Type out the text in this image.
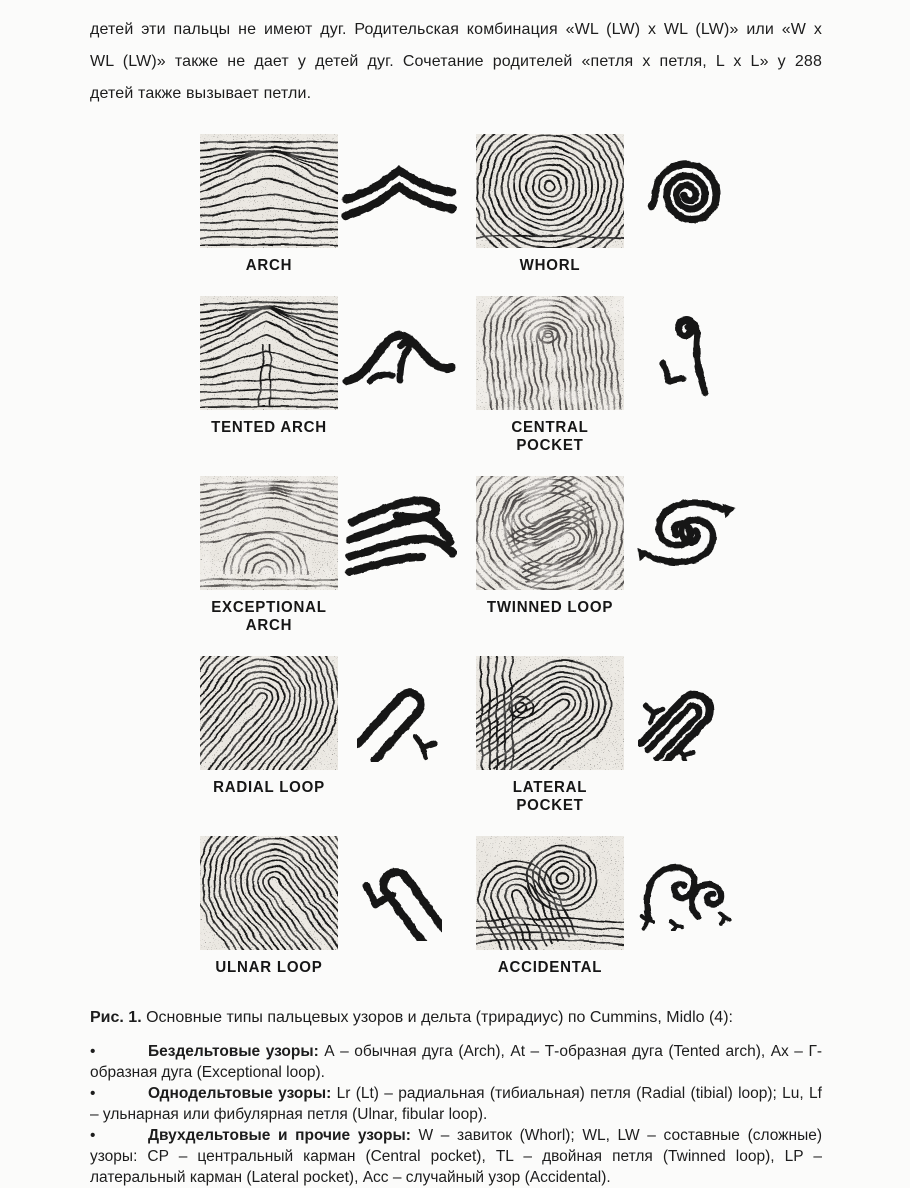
детей эти пальцы не имеют дуг. Родительская комбинация «WL (LW) x WL (LW)» или «W x
WL (LW)» также не дает у детей дуг. Сочетание родителей «петля x петля, L x L» у 288
детей также вызывает петли.
ARCH	WHORL
TENTED ARCH	CENTRAL POCKET
EXCEPTIONAL ARCH
TWINNED LOOP
RADIAL LOOP	LATERAL POCKET
ULNAR LOOP	ACCIDENTAL
Рис. 1. Основные типы пальцевых узоров и дельта (трирадиус) по Cummins, Midlo (4):

•	Бездельтовые узоры: А – обычная дуга (Arch), At – Т-образная дуга (Tented arch), Ах – Г-образная дуга (Exceptional loop).

•	Однодельтовые узоры: Lr (Lt) – радиальная (тибиальная) петля (Radial (tibial) loop); Lu, Lf – ульнарная или фибулярная петля (Ulnar, fibular loop).

•	Двухдельтовые и прочие узоры: W – завиток (Whorl); WL, LW – составные (сложные) узоры: CP – центральный карман (Central pocket), TL – двойная петля (Twinned loop), LP – латеральный карман (Lateral pocket), Acc – случайный узор (Accidental).
